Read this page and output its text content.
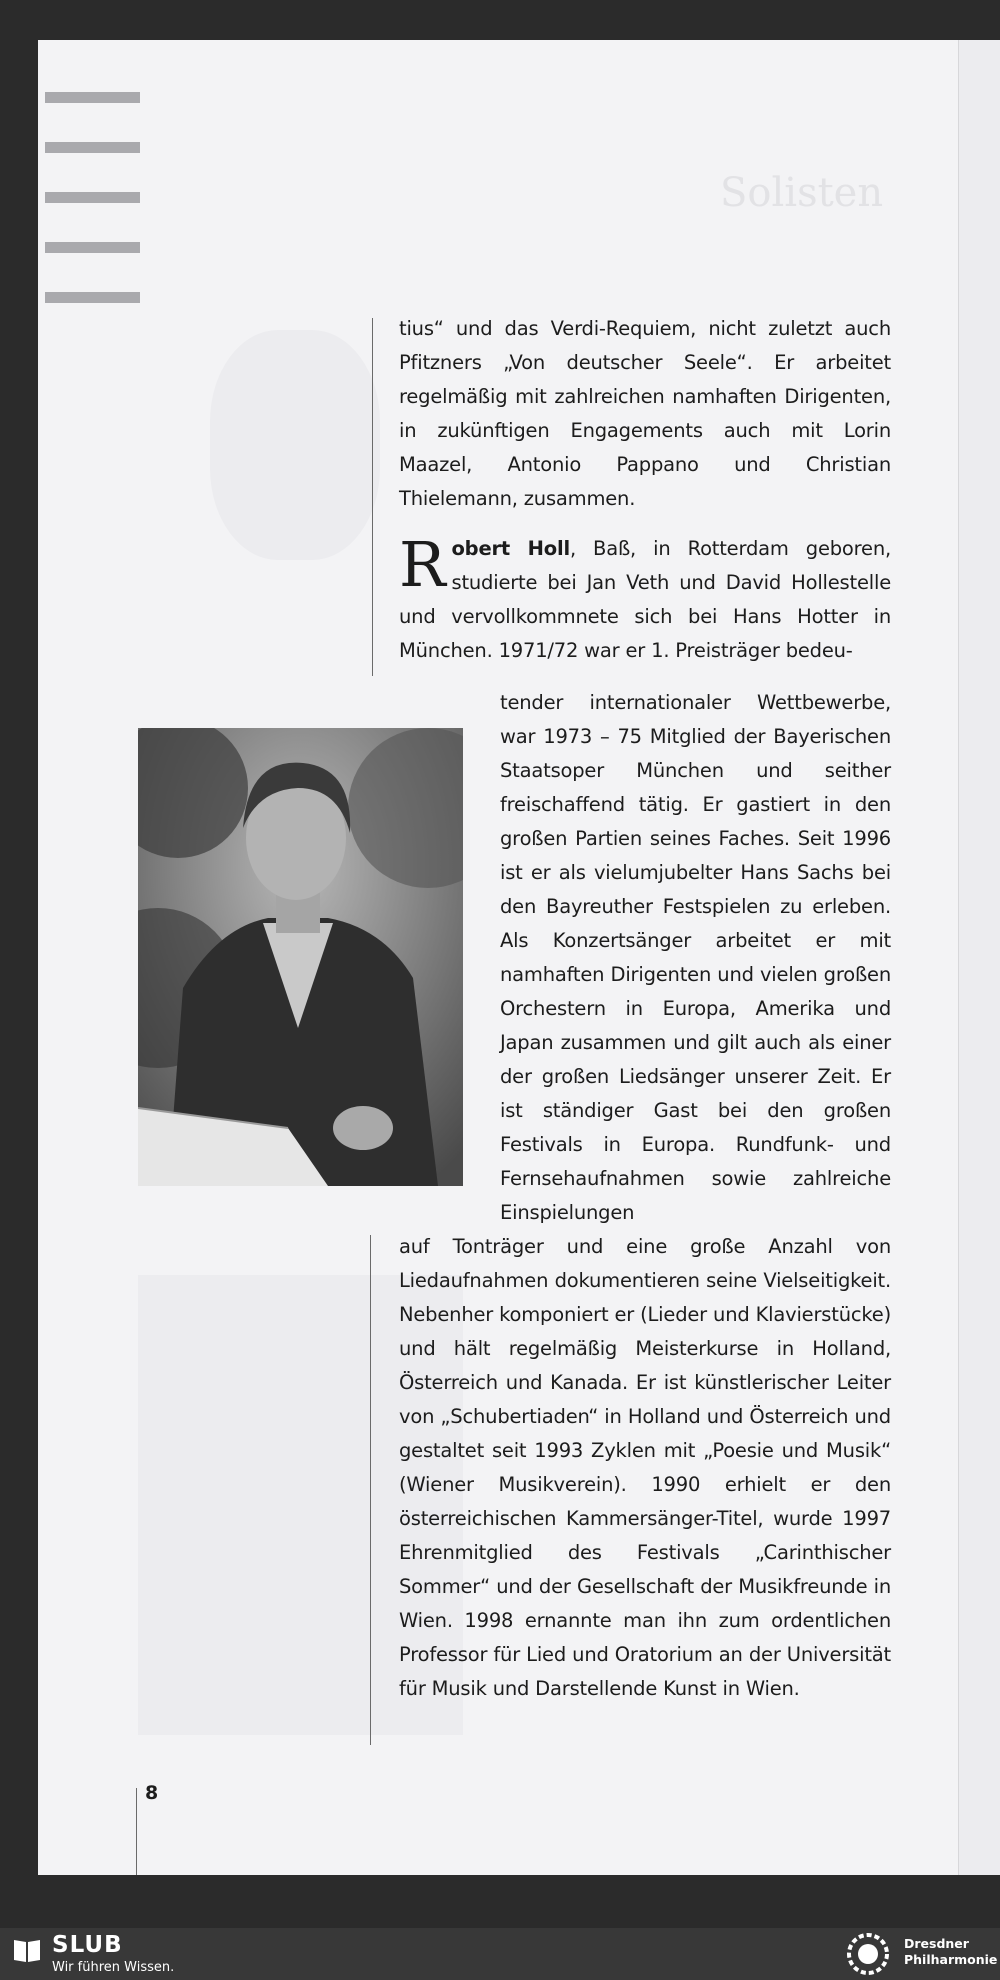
Solisten

tius“ und das Verdi-Requiem, nicht zuletzt auch Pfitzners „Von deutscher Seele“. Er arbeitet regelmäßig mit zahlreichen namhaften Dirigenten, in zukünftigen Engagements auch mit Lorin Maazel, Antonio Pappano und Christian Thielemann, zusammen.

Robert Holl, Baß, in Rotterdam geboren, studierte bei Jan Veth und David Hollestelle und vervollkommnete sich bei Hans Hotter in München. 1971/72 war er 1. Preisträger bedeu-

tender internationaler Wettbewerbe, war 1973 – 75 Mitglied der Bayerischen Staatsoper München und seither freischaffend tätig. Er gastiert in den großen Partien seines Faches. Seit 1996 ist er als vielumjubelter Hans Sachs bei den Bayreuther Festspielen zu erleben. Als Konzertsänger arbeitet er mit namhaften Dirigenten und vielen großen Orchestern in Europa, Amerika und Japan zusammen und gilt auch als einer der großen Liedsänger unserer Zeit. Er ist ständiger Gast bei den großen Festivals in Europa. Rundfunk- und Fernsehaufnahmen sowie zahlreiche Einspielungen

auf Tonträger und eine große Anzahl von Liedaufnahmen dokumentieren seine Vielseitigkeit. Nebenher komponiert er (Lieder und Klavierstücke) und hält regelmäßig Meisterkurse in Holland, Österreich und Kanada. Er ist künstlerischer Leiter von „Schubertiaden“ in Holland und Österreich und gestaltet seit 1993 Zyklen mit „Poesie und Musik“ (Wiener Musikverein). 1990 erhielt er den österreichischen Kammersänger-Titel, wurde 1997 Ehrenmitglied des Festivals „Carinthischer Sommer“ und der Gesellschaft der Musikfreunde in Wien. 1998 ernannte man ihn zum ordentlichen Professor für Lied und Oratorium an der Universität für Musik und Darstellende Kunst in Wien.

8
SLUB
Wir führen Wissen.
Dresdner
Philharmonie
